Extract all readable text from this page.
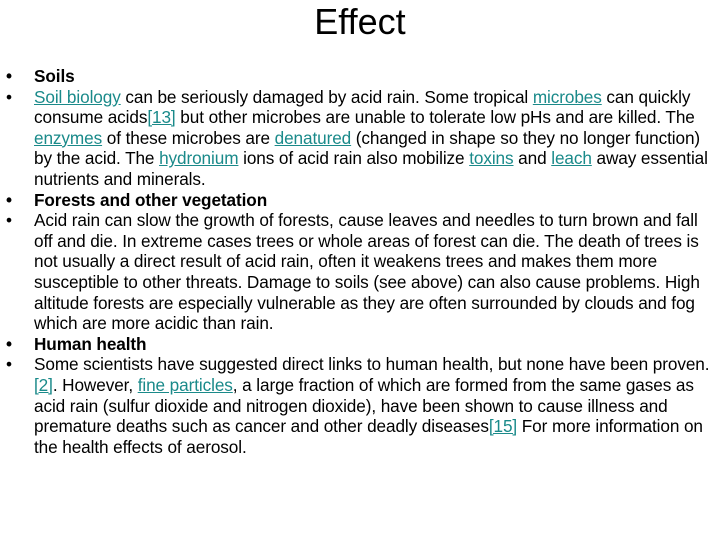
Effect
•	Soils
•	Soil biology can be seriously damaged by acid rain. Some tropical microbes can quickly consume acids[13] but other microbes are unable to tolerate low pHs and are killed. The enzymes of these microbes are denatured (changed in shape so they no longer function) by the acid. The hydronium ions of acid rain also mobilize toxins and leach away essential nutrients and minerals.
•	Forests and other vegetation
•	Acid rain can slow the growth of forests, cause leaves and needles to turn brown and fall off and die. In extreme cases trees or whole areas of forest can die. The death of trees is not usually a direct result of acid rain, often it weakens trees and makes them more susceptible to other threats. Damage to soils (see above) can also cause problems. High altitude forests are especially vulnerable as they are often surrounded by clouds and fog which are more acidic than rain.
•	Human health
•	Some scientists have suggested direct links to human health, but none have been proven.[2]. However, fine particles, a large fraction of which are formed from the same gases as acid rain (sulfur dioxide and nitrogen dioxide), have been shown to cause illness and premature deaths such as cancer and other deadly diseases[15] For more information on the health effects of aerosol.
